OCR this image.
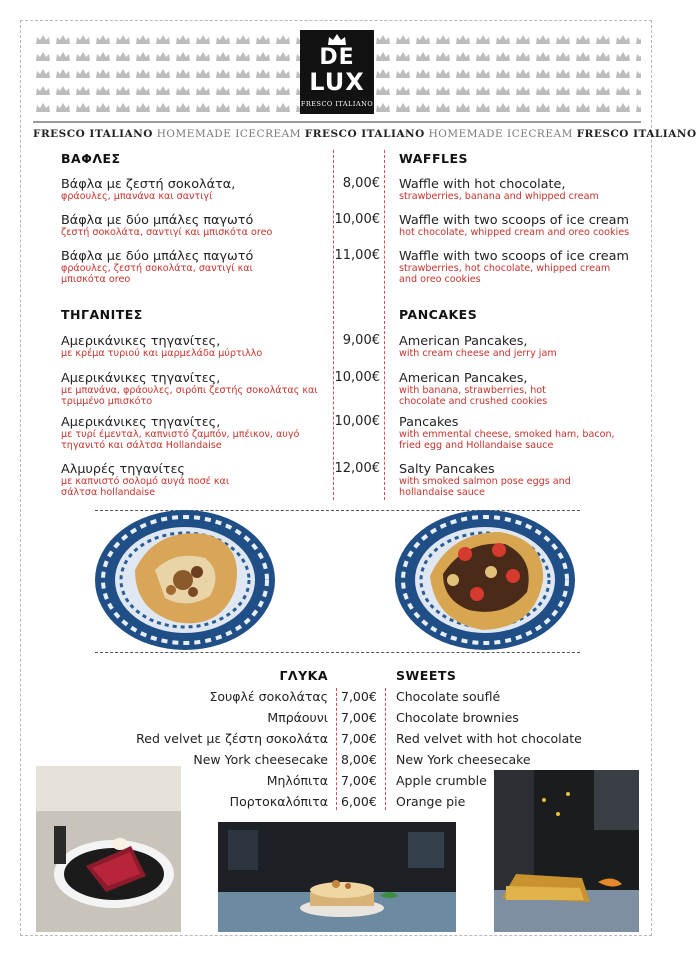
DE
LUX
FRESCO ITALIANO
FRESCO ITALIANO HOMEMADE ICECREAM FRESCO ITALIANO HOMEMADE ICECREAM FRESCO ITALIANO
ΒΑΦΛΕΣ	WAFFLES
Βάφλα με ζεστή σοκολάτα,
φράουλες, μπανάνα και σαντιγί
8,00€ Waffle with hot chocolate,
strawberries, banana and whipped cream
Βάφλα με δύο μπάλες παγωτό
ζεστή σοκολάτα, σαντιγί και μπισκότα oreo
10,00€ Waffle with two scoops of ice cream
hot chocolate, whipped cream and oreo cookies
Βάφλα με δύο μπάλες παγωτό
φράουλες, ζεστή σοκολάτα, σαντιγί και μπισκότα oreo
11,00€ Waffle with two scoops of ice cream
strawberries, hot chocolate, whipped cream and oreo cookies
ΤΗΓΑΝΙΤΕΣ	PANCAKES
Αμερικάνικες τηγανίτες,
με κρέμα τυριού και μαρμελάδα μύρτιλλο
9,00€ American Pancakes,
with cream cheese and jerry jam
Αμερικάνικες τηγανίτες,
με μπανάνα, φράουλες, σιρόπι ζεστής σοκολάτας και τριμμένο μπισκότο
10,00€ American Pancakes,
with banana, strawberries, hot chocolate and crushed cookies
Αμερικάνικες τηγανίτες,
με τυρί έμενταλ, καπνιστό ζαμπόν, μπέικον, αυγό τηγανιτό και σάλτσα Hollandaise
10,00€ Pancakes
with emmental cheese, smoked ham, bacon, fried egg and Hollandaise sauce
Αλμυρές τηγανίτες
με καπνιστό σολομό αυγά ποσέ και σάλτσα hollandaise
12,00€ Salty Pancakes
with smoked salmon pose eggs and hollandaise sauce
ΓΛΥΚΑ	SWEETS
Σουφλέ σοκολάτας 7,00€ Chocolate souflé
Μπράουνι 7,00€ Chocolate brownies
Red velvet με ζέστη σοκολάτα 7,00€ Red velvet with hot chocolate
New York cheesecake 8,00€ New York cheesecake
Μηλόπιτα 7,00€ Apple crumble
Πορτοκαλόπιτα 6,00€ Orange pie
